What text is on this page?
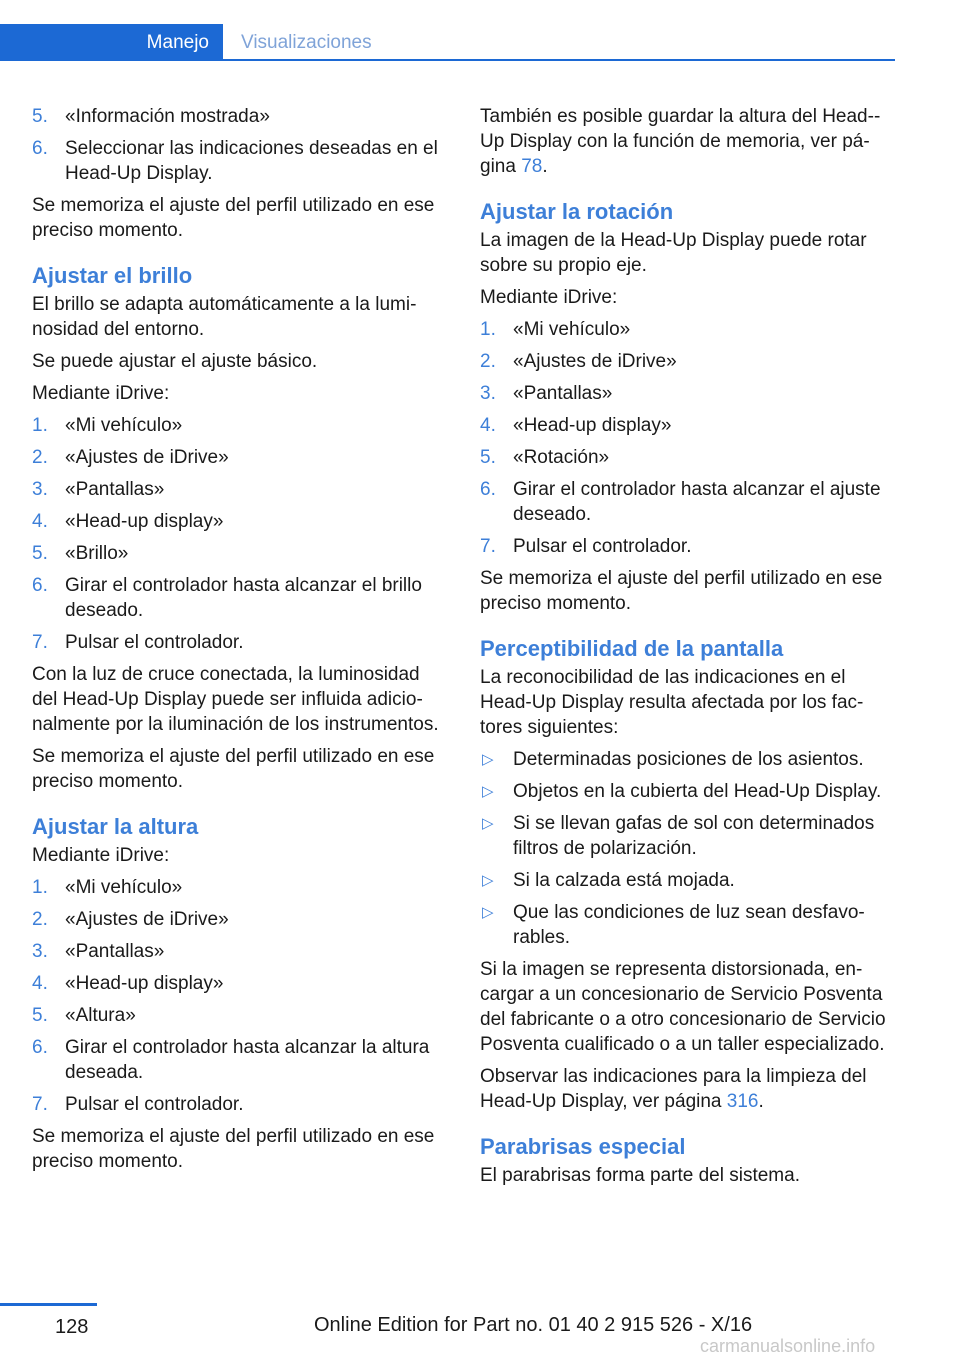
Manejo	Visualizaciones
5. «Información mostrada»
6. Seleccionar las indicaciones deseadas en el Head-Up Display.

Se memoriza el ajuste del perfil utilizado en ese preciso momento.

Ajustar el brillo

El brillo se adapta automáticamente a la luminosidad del entorno.

Se puede ajustar el ajuste básico.

Mediante iDrive:

1. «Mi vehículo»
2. «Ajustes de iDrive»
3. «Pantallas»
4. «Head-up display»
5. «Brillo»
6. Girar el controlador hasta alcanzar el brillo deseado.
7. Pulsar el controlador.

Con la luz de cruce conectada, la luminosidad del Head-Up Display puede ser influida adicionalmente por la iluminación de los instrumentos.

Se memoriza el ajuste del perfil utilizado en ese preciso momento.

Ajustar la altura

Mediante iDrive:

1. «Mi vehículo»
2. «Ajustes de iDrive»
3. «Pantallas»
4. «Head-up display»
5. «Altura»
6. Girar el controlador hasta alcanzar la altura deseada.
7. Pulsar el controlador.

Se memoriza el ajuste del perfil utilizado en ese preciso momento.

También es posible guardar la altura del Head-Up Display con la función de memoria, ver página 78.

Ajustar la rotación

La imagen de la Head-Up Display puede rotar sobre su propio eje.

Mediante iDrive:

1. «Mi vehículo»
2. «Ajustes de iDrive»
3. «Pantallas»
4. «Head-up display»
5. «Rotación»
6. Girar el controlador hasta alcanzar el ajuste deseado.
7. Pulsar el controlador.

Se memoriza el ajuste del perfil utilizado en ese preciso momento.

Perceptibilidad de la pantalla

La reconocibilidad de las indicaciones en el Head-Up Display resulta afectada por los factores siguientes:

▷ Determinadas posiciones de los asientos.
▷ Objetos en la cubierta del Head-Up Display.
▷ Si se llevan gafas de sol con determinados filtros de polarización.
▷ Si la calzada está mojada.
▷ Que las condiciones de luz sean desfavorables.

Si la imagen se representa distorsionada, encargar a un concesionario de Servicio Posventa del fabricante o a otro concesionario de Servicio Posventa cualificado o a un taller especializado.

Observar las indicaciones para la limpieza del Head-Up Display, ver página 316.

Parabrisas especial

El parabrisas forma parte del sistema.

128	Online Edition for Part no. 01 40 2 915 526 - X/16
carmanualsonline.info
